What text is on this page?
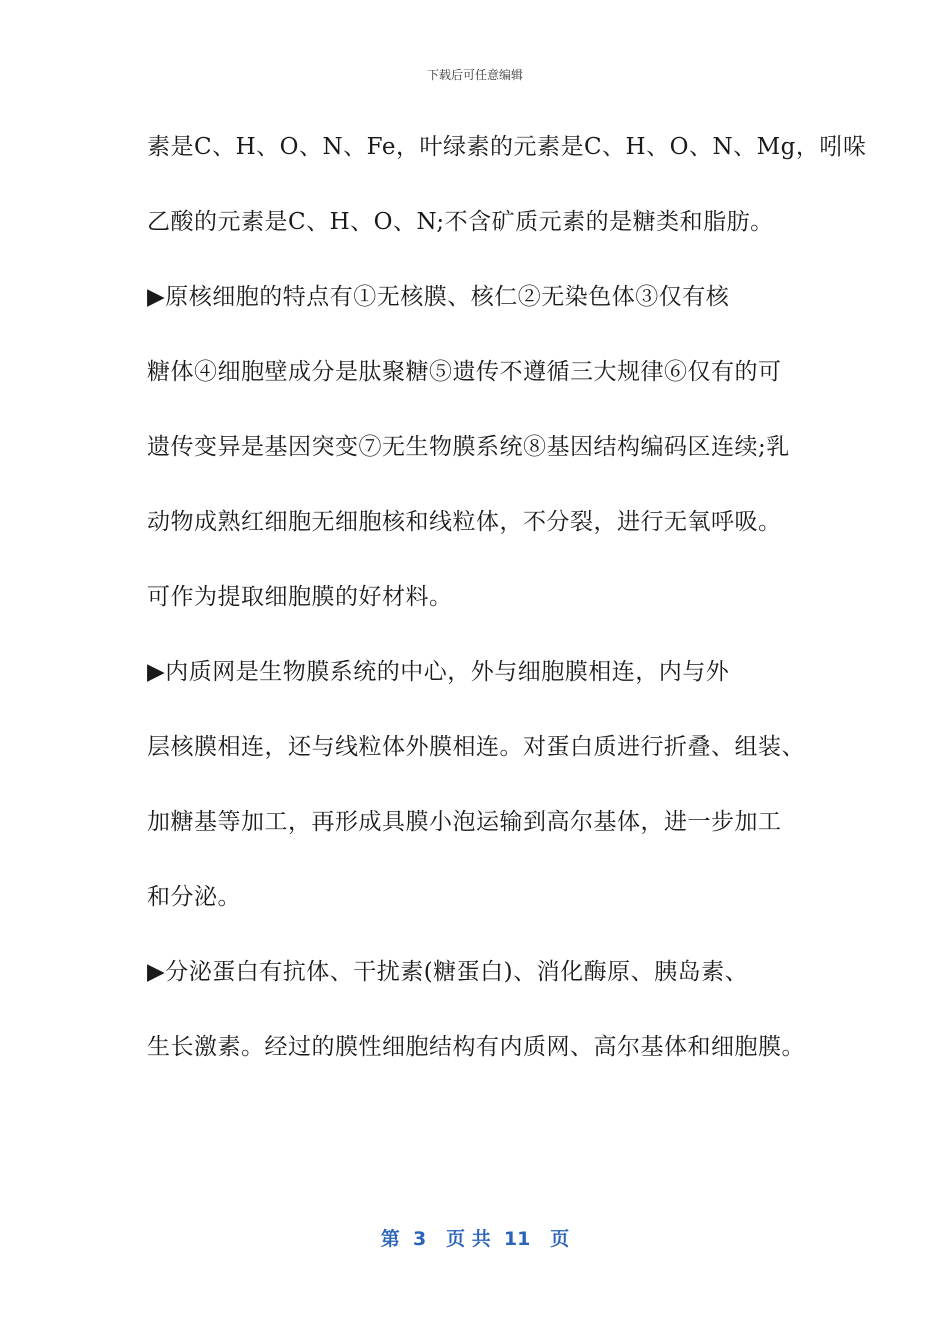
下载后可任意编辑
素是C、H、O、N、Fe，叶绿素的元素是C、H、O、N、Mg，吲哚
乙酸的元素是C、H、O、N;不含矿质元素的是糖类和脂肪。
▶原核细胞的特点有①无核膜、核仁②无染色体③仅有核
糖体④细胞壁成分是肽聚糖⑤遗传不遵循三大规律⑥仅有的可
遗传变异是基因突变⑦无生物膜系统⑧基因结构编码区连续;乳
动物成熟红细胞无细胞核和线粒体，不分裂，进行无氧呼吸。
可作为提取细胞膜的好材料。
▶内质网是生物膜系统的中心，外与细胞膜相连，内与外
层核膜相连，还与线粒体外膜相连。对蛋白质进行折叠、组装、
加糖基等加工，再形成具膜小泡运输到高尔基体，进一步加工
和分泌。
▶分泌蛋白有抗体、干扰素(糖蛋白)、消化酶原、胰岛素、
生长激素。经过的膜性细胞结构有内质网、高尔基体和细胞膜。
第  3   页 共  11   页
